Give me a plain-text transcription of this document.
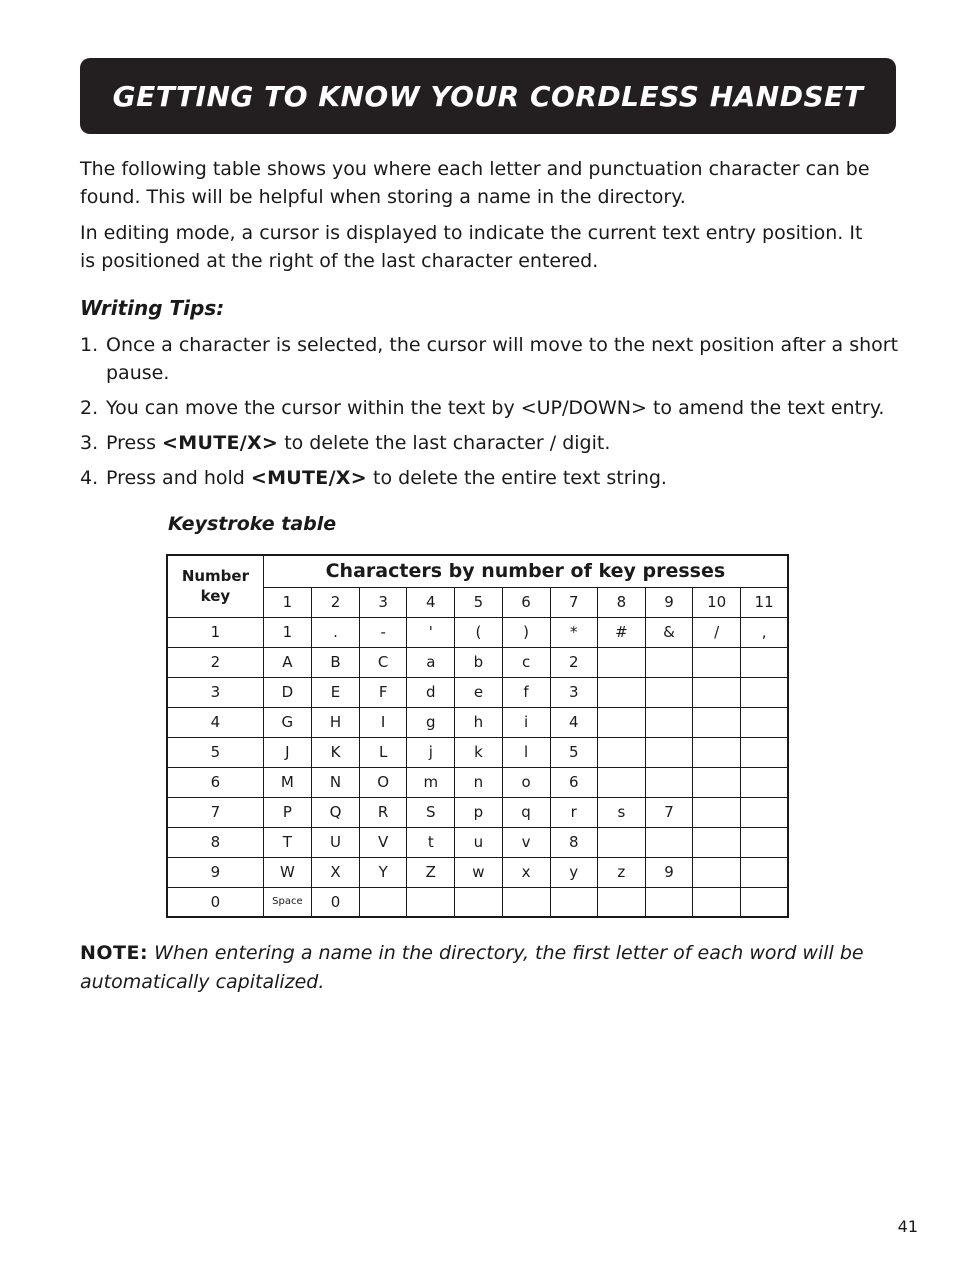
GETTING TO KNOW YOUR CORDLESS HANDSET

The following table shows you where each letter and punctuation character can be found. This will be helpful when storing a name in the directory.

In editing mode, a cursor is displayed to indicate the current text entry position. It is positioned at the right of the last character entered.

Writing Tips:

1. Once a character is selected, the cursor will move to the next position after a short pause.
2. You can move the cursor within the text by <UP/DOWN> to amend the text entry.
3. Press <MUTE/X> to delete the last character / digit.
4. Press and hold <MUTE/X> to delete the entire text string.

Keystroke table

Number
key	Characters by number of key presses										
	1	2	3	4	5	6	7	8	9	10	11
1	1	.	-	'	(	)	*	#	&	/	,
2	A	B	C	a	b	c	2				
3	D	E	F	d	e	f	3				
4	G	H	I	g	h	i	4				
5	J	K	L	j	k	l	5				
6	M	N	O	m	n	o	6				
7	P	Q	R	S	p	q	r	s	7		
8	T	U	V	t	u	v	8				
9	W	X	Y	Z	w	x	y	z	9		
0	Space	0									

NOTE: When entering a name in the directory, the first letter of each word will be automatically capitalized.

41
